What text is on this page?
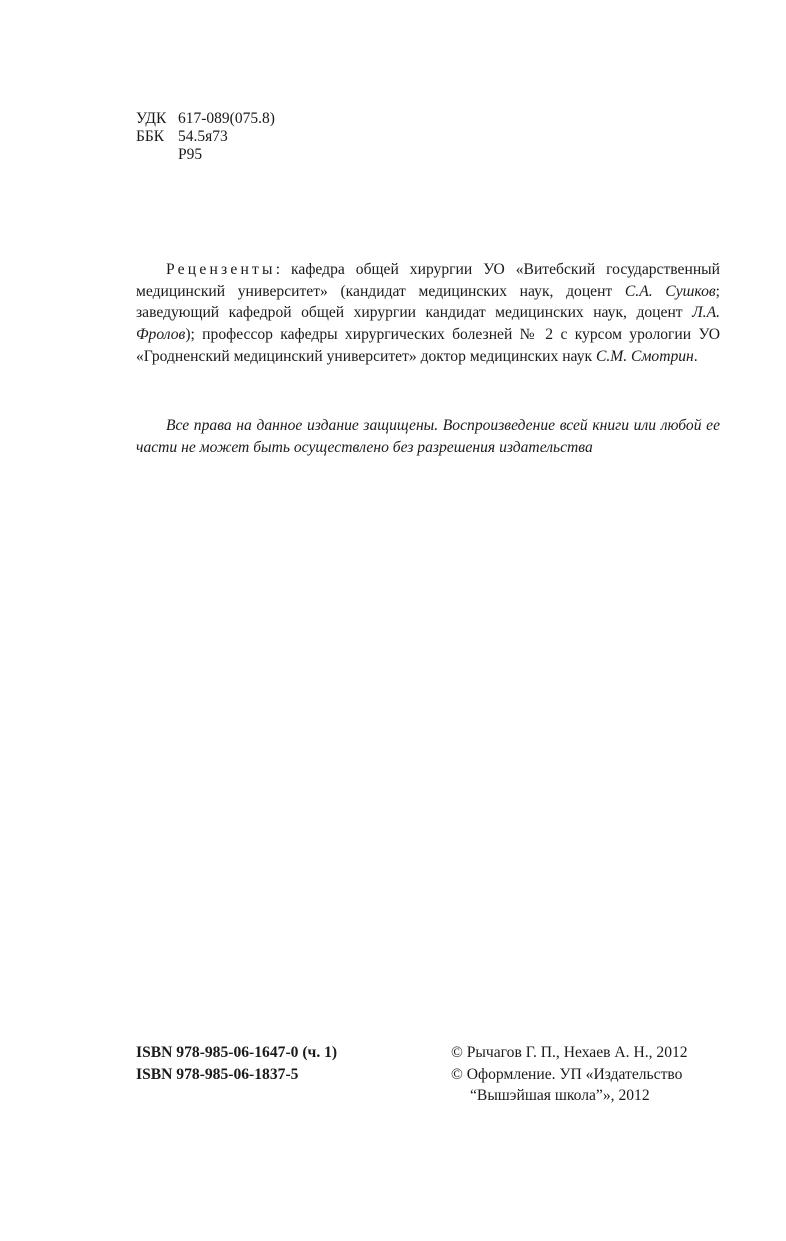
УДК 617-089(075.8)
ББК 54.5я73
Р95

Рецензенты: кафедра общей хирургии УО «Витебский государственный медицинский университет» (кандидат медицинских наук, доцент С.А. Сушков; заведующий кафедрой общей хирургии кандидат медицинских наук, доцент Л.А. Фролов); профессор кафедры хирургических болезней № 2 с курсом урологии УО «Гродненский медицинский университет» доктор медицинских наук С.М. Смотрин.

Все права на данное издание защищены. Воспроизведение всей книги или любой ее части не может быть осуществлено без разрешения издательства

ISBN 978-985-06-1647-0 (ч. 1)
ISBN 978-985-06-1837-5
© Рычагов Г. П., Нехаев А. Н., 2012
© Оформление. УП «Издательство
“Вышэйшая школа”», 2012
